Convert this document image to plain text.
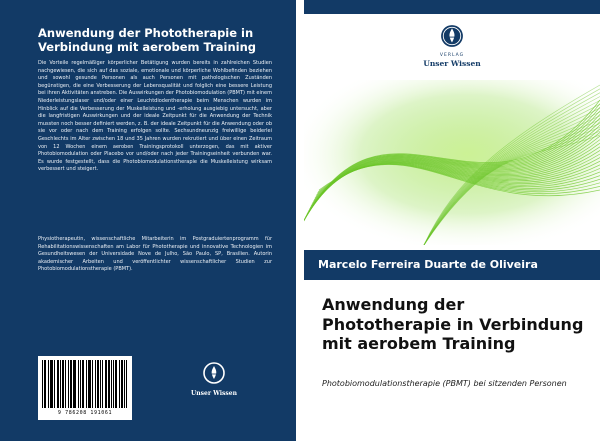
Anwendung der Phototherapie in Verbindung mit aerobem Training
Die Vorteile regelmäßiger körperlicher Betätigung wurden bereits in zahlreichen Studien nachgewiesen, die sich auf das soziale, emotionale und körperliche Wohlbefinden beziehen und sowohl gesunde Personen als auch Personen mit pathologischen Zuständen begünstigen, die eine Verbesserung der Lebensqualität und folglich eine bessere Leistung bei ihren Aktivitäten anstreben. Die Auswirkungen der Photobiomodulation (PBMT) mit einem Niederleistungslaser und/oder einer Leuchtdiodentherapie beim Menschen wurden im Hinblick auf die Verbesserung der Muskelleistung und -erholung ausgiebig untersucht, aber die langfristigen Auswirkungen und der ideale Zeitpunkt für die Anwendung der Technik mussten noch besser definiert werden, z. B. der ideale Zeitpunkt für die Anwendung oder ob sie vor oder nach dem Training erfolgen sollte. Sechsundneunzig freiwillige beiderlei Geschlechts im Alter zwischen 18 und 35 Jahren wurden rekrutiert und über einen Zeitraum von 12 Wochen einem aeroben Trainingsprotokoll unterzogen, das mit aktiver Photobiomodulation oder Placebo vor und/oder nach jeder Trainingseinheit verbunden war. Es wurde festgestellt, dass die Photobiomodulationstherapie die Muskelleistung wirksam verbessert und steigert.
Physiotherapeutin, wissenschaftliche Mitarbeiterin im Postgraduiertenprogramm für Rehabilitationswissenschaften am Labor für Phototherapie und innovative Technologien im Gesundheitswesen der Universidade Nove de Julho, São Paulo, SP, Brasilien. Autorin akademischer Arbeiten und veröffentlichter wissenschaftlicher Studien zur Photobiomodulationstherapie (PBMT).
9 786208 191061
Unser Wissen
VERLAG
Unser Wissen
Marcelo Ferreira Duarte de Oliveira
Anwendung der Phototherapie in Verbindung mit aerobem Training
Photobiomodulationstherapie (PBMT) bei sitzenden Personen
